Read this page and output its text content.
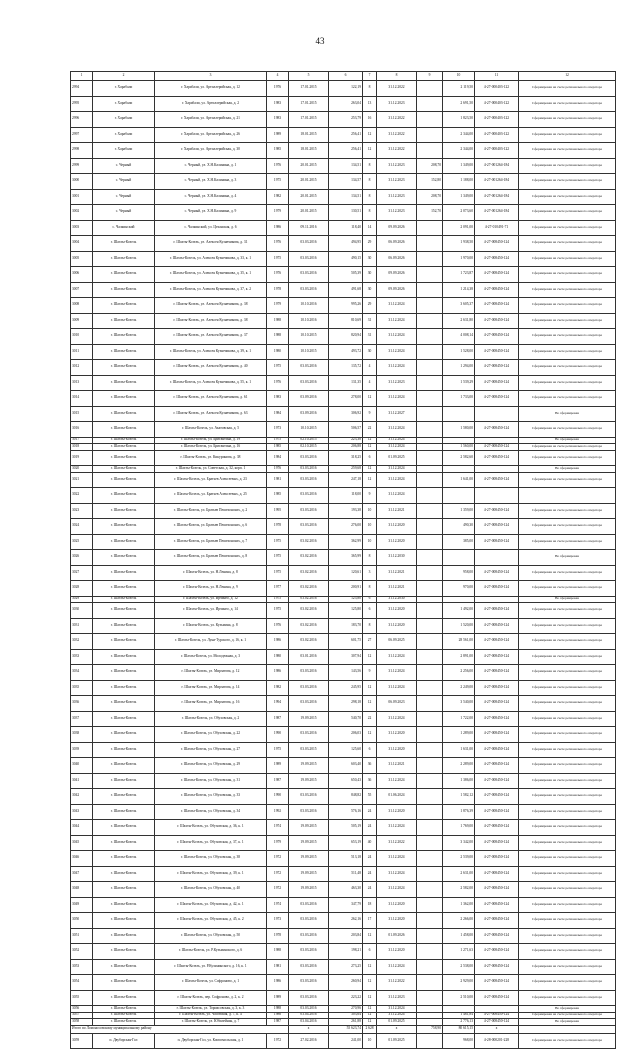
43
1	2	3	4	5	6	7	8	9	10	11	12
2994	г. Харабали	г. Харабали, ул. Артиллерийская, д. 12	1976	17.01.2015	122,19	8	31.12.2022		2 119,50	4-27-000403-122	Сформирован на счете регионального оператора
2995	г. Харабали	г. Харабали, ул. Артиллерийская, д. 2	1983	17.01.2015	263,04	13	31.12.2023		2 691,50	4-27-000403-122	Сформирован на счете регионального оператора
2996	г. Харабали	г. Харабали, ул. Артиллерийская, д. 21	1983	17.01.2015	253,79	16	31.12.2022		1 823,50	4-27-000403-122	Сформирован на счете регионального оператора
2997	г. Харабали	г. Харабали, ул. Артиллерийская, д. 26	1989	18.01.2015	256,41	12	31.12.2022		2 344,00	4-27-000403-122	Сформирован на счете регионального оператора
2998	г. Харабали	г. Харабали, ул. Артиллерийская, д. 30	1985	18.01.2015	256,41	12	31.12.2022		2 344,00	4-27-000403-122	Сформирован на счете регионального оператора
2999	с. Черный	с. Черный, ул. Х.Н.Калинина, д. 1	1976	20.01.2015	134,51	8	31.12.2023	208,70	1 349,00	4-27-001264-184	Сформирован на счете регионального оператора
3000	с. Черный	с. Черный, ул. Х.Н.Калинина, д. 3	1975	20.01.2015	134,57	8	31.12.2023	152,80	1 188,00	4-27-001264-184	Сформирован на счете регионального оператора
3001	с. Черный	с. Черный, ул. Х.Н.Калинина, д. 4	1982	20.01.2015	134,51	8	31.12.2023	208,70	1 349,00	4-27-001264-184	Сформирован на счете регионального оператора
3002	с. Черный	с. Черный, ул. Х.Н.Калинина, д. 9	1979	20.01.2015	130,51	8	31.12.2023	152,70	2 073,60	4-27-001264-184	Сформирован на счете регионального оператора
3003	с. Чалкинский	с. Чалкинский, ул. Цеханская, д. 6	1986	09.11.2016	118,40	14	09.09.2026		2 091,00	4-27-010491-71	Сформирован на счете регионального оператора
3004	г. Шахты-Козель	г. Шахты-Козель, ул. Алексея Кузнечикова, д. 31	1976	03.03.2016	494,95	29	06.09.2026		1 938,50	4-27-008450-124	Сформирован на счете регионального оператора
3005	г. Шахты-Козель	г. Шахты-Козель, ул. Алексея Кузнечикова, д. 33, к. 1	1975	03.03.2016	490,15	30	06.09.2026		1 970,00	4-27-008450-124	Сформирован на счете регионального оператора
3006	г. Шахты-Козель	г. Шахты-Козель, ул. Алексея Кузнечикова, д. 35, к. 1	1976	03.03.2016	505,39	30	09.09.2026		1 723,87	4-27-008450-124	Сформирован на счете регионального оператора
3007	г. Шахты-Козель	г. Шахты-Козель, ул. Алексея Кузнечикова, д. 37, к. 2	1978	03.03.2016	491,68	30	09.09.2026		1 214,38	4-27-008450-124	Сформирован на счете регионального оператора
3008	г. Шахты-Козель	г. Шахты-Козель, ул. Алексея Кузнечикова, д. 38	1979	10.10.2016	995,26	29	31.12.2024		3 605,37	4-27-008450-124	Сформирован на счете регионального оператора
3009	г. Шахты-Козель	г. Шахты-Козель, ул. Алексея Кузнечикова, д. 38	1988	10.10.2016	810,69	31	31.12.2024		2 631,80	4-27-008450-124	Сформирован на счете регионального оператора
3010	г. Шахты-Козель	г. Шахты-Козель, ул. Алексея Кузнечикова, д. 37	1988	10.10.2015	820,94	31	31.12.2024		4 008,14	4-27-008450-124	Сформирован на счете регионального оператора
3011	г. Шахты-Козель	г. Шахты-Козель, ул. Алексея Кузнечикова, д. 39, к. 1	1980	10.10.2015	493,72	30	31.12.2024		1 528,00	4-27-008450-124	Сформирован на счете регионального оператора
3012	г. Шахты-Козель	г. Шахты-Козель, ул. Алексея Кузнечикова, д. 40	1975	03.03.2016	135,72	4	31.12.2024		1 294,00	4-27-008450-124	Сформирован на счете регионального оператора
3013	г. Шахты-Козель	г. Шахты-Козель, ул. Алексея Кузнечикова, д. 55, к. 1	1976	03.03.2016	131,35	4	31.12.2023		1 539,29	4-27-008450-124	Сформирован на счете регионального оператора
3014	г. Шахты-Козель	г. Шахты-Козель, ул. Алексея Кузнечикова, д. 61	1983	03.09.2016	278,00	12	31.12.2024		1 733,00	4-27-008450-124	Сформирован на счете регионального оператора
3015	г. Шахты-Козель	г. Шахты-Козель, ул. Алексея Кузнечикова, д. 63	1984	03.09.2016	306,92	9	31.12.2027				Не сформирован
3016	г. Шахты-Козель	г. Шахты-Козель, ул. Акатовская, д. 5	1973	10.10.2015	506,57	22	31.12.2024		1 580,00	4-27-008450-124	Сформирован на счете регионального оператора
3017	г. Шахты-Козель	г. Шахты-Козель, ул. Бригантина, д. 19	1975	02.10.2015	223,38	12	31.12.2024				Не сформирован
3018	г. Шахты-Козель	г. Шахты-Козель, ул. Бригантина, д. 16	1985	02.10.2015	206,88	12	31.12.2024		1 560,00	4-27-008450-124	Сформирован на счете регионального оператора
3019	г. Шахты-Козель	г. Шахты-Козель, ул. Кикуринова, д. 38	1984	03.03.2016	318,25	6	01.09.2025		2 582,60	4-27-008450-124	Сформирован на счете регионального оператора
3020	г. Шахты-Козель	г. Шахты-Козель, ул. Советская, д. 32, корп. 1	1976	03.03.2016	259,68	12	31.12.2024				Не сформирован
3021	г. Шахты-Козель	г. Шахты-Козель, ул. Братьев Алексеевых, д. 23	1981	03.03.2016	247,18	12	31.12.2024		1 641,00	4-27-008450-124	Сформирован на счете регионального оператора
3022	г. Шахты-Козель	г. Шахты-Козель, ул. Братьев Алексеевых, д. 25	1985	03.03.2016	118,00	9	31.12.2024				
3023	г. Шахты-Козель	г. Шахты-Козель, ул. Братьев Пешехонских, д. 2	1995	03.03.2016	193,38	10	31.12.2021		1 359,00	4-27-008450-124	Сформирован на счете регионального оператора
3024	г. Шахты-Козель	г. Шахты-Козель, ул. Братьев Пешехонских, д. 6	1978	03.03.2016	276,00	10	31.12.2020		490,30	4-27-008450-124	Сформирован на счете регионального оператора
3025	г. Шахты-Козель	г. Шахты-Козель, ул. Братьев Пешехонских, д. 7	1975	03.02.2016	362,99	10	31.12.2020		385,00	4-27-008450-124	Сформирован на счете регионального оператора
3026	г. Шахты-Козель	г. Шахты-Козель, ул. Братьев Пешехонских, д. 8	1975	03.02.2016	365,99	8	31.12.2030				Не сформирован
3027	г. Шахты-Козель	г. Шахты-Козель, ул. Н.Ленина, д. 8	1975	03.02.2016	120,61	3	31.12.2021		958,00	4-27-008450-124	Сформирован на счете регионального оператора
3028	г. Шахты-Козель	г. Шахты-Козель, ул. Н.Ленина, д. 9	1977	03.02.2016	200,91	8	31.12.2021		970,00	4-27-008450-124	Сформирован на счете регионального оператора
3029	г. Шахты-Козель	г. Шахты-Козель, ул. Ирчинго, д. 12	1975	03.02.2016	125,80	6	31.12.2030				Не сформирован
3030	г. Шахты-Козель	г. Шахты-Козель, ул. Ирчинго, д. 14	1975	03.02.2016	125,80	6	31.12.2020		1 492,00	4-27-008450-124	Сформирован на счете регионального оператора
3031	г. Шахты-Козель	г. Шахты-Козель, ул. Кузьмина, д. 8	1976	03.02.2016	183,70	8	31.12.2020		1 520,00	4-27-008450-124	Сформирован на счете регионального оператора
3032	г. Шахты-Козель	г. Шахты-Козель, ул. Луна-Турского, д. 16, к. 1	1986	03.02.2016	601,75	27	06.09.2025		28 561,00	4-27-008450-124	Сформирован на счете регионального оператора
3033	г. Шахты-Козель	г. Шахты-Козель, ул. Молодежная, д. 3	1980	03.01.2016	307,94	12	31.12.2024		2 891,00	4-27-008450-124	Сформирован на счете регионального оператора
3034	г. Шахты-Козель	г. Шахты-Козель, ул. Мирзатова, д. 12	1986	03.03.2016	143,56	9	31.12.2024		2 256,00	4-27-008450-124	Сформирован на счете регионального оператора
3035	г. Шахты-Козель	г. Шахты-Козель, ул. Мирзатова, д. 14	1982	03.03.2016	245,95	12	31.12.2024		2 249,00	4-27-008450-124	Сформирован на счете регионального оператора
3036	г. Шахты-Козель	г. Шахты-Козель, ул. Мирзатова, д. 16	1994	03.03.2016	298,18	12	06.09.2023		3 540,00	4-27-008450-124	Сформирован на счете регионального оператора
3037	г. Шахты-Козель	г. Шахты-Козель, ул. Обуховская, д. 2	1987	19.09.2015	540,70	22	31.12.2024		1 722,00	4-27-008450-124	Сформирован на счете регионального оператора
3038	г. Шахты-Козель	г. Шахты-Козель, ул. Обуховская, д. 22	1990	03.03.2016	206,03	12	31.12.2020		1 289,00	4-27-008450-124	Сформирован на счете регионального оператора
3039	г. Шахты-Козель	г. Шахты-Козель, ул. Обуховская, д. 27	1975	03.03.2015	125,60	6	31.12.2020		1 631,00	4-27-008450-124	Сформирован на счете регионального оператора
3040	г. Шахты-Козель	г. Шахты-Козель, ул. Обуховская, д. 29	1989	19.09.2015	603,40	36	31.12.2021		2 289,00	4-27-008450-124	Сформирован на счете регионального оператора
3041	г. Шахты-Козель	г. Шахты-Козель, ул. Обуховская, д. 31	1987	19.09.2015	650,43	36	31.12.2024		1 386,00	4-27-008450-124	Сформирован на счете регионального оператора
3042	г. Шахты-Козель	г. Шахты-Козель, ул. Обуховская, д. 33	1990	03.03.2016	848,82	55	01.06.2024		1 582,12	4-27-008450-124	Сформирован на счете регионального оператора
3043	г. Шахты-Козель	г. Шахты-Козель, ул. Обуховская, д. 34	1992	03.03.2016	576,16	24	31.12.2020		1 876,39	4-27-008450-124	Сформирован на счете регионального оператора
3044	г. Шахты-Козель	г. Шахты-Козель, ул. Обуховская, д. 36, к. 1	1974	19.09.2015	505,19	24	31.12.2024		1 769,00	4-27-008450-124	Сформирован на счете регионального оператора
3045	г. Шахты-Козель	г. Шахты-Козель, ул. Обуховская, д. 37, к. 1	1979	19.09.2015	653,19	40	31.12.2022		3 342,00	4-27-008450-124	Сформирован на счете регионального оператора
3046	г. Шахты-Козель	г. Шахты-Козель, ул. Обуховская, д. 38	1972	19.09.2015	513,18	24	31.12.2024		2 539,00	4-27-008450-124	Сформирован на счете регионального оператора
3047	г. Шахты-Козель	г. Шахты-Козель, ул. Обуховская, д. 39, к. 1	1972	19.09.2015	511,48	24	31.12.2024		2 631,00	4-27-008450-124	Сформирован на счете регионального оператора
3048	г. Шахты-Козель	г. Шахты-Козель, ул. Обуховская, д. 40	1972	19.09.2015	463,30	24	31.12.2024		2 582,00	4-27-008450-124	Сформирован на счете регионального оператора
3049	г. Шахты-Козель	г. Шахты-Козель, ул. Обуховская, д. 42, к. 1	1974	03.03.2016	347,79	18	31.12.2020		1 362,00	4-27-008450-124	Сформирован на счете регионального оператора
3050	г. Шахты-Козель	г. Шахты-Козель, ул. Обуховская, д. 45, к. 2	1973	03.03.2016	262,16	17	31.12.2020		2 266,00	4-27-008450-124	Сформирован на счете регионального оператора
3051	г. Шахты-Козель	г. Шахты-Козель, ул. Обуховская, д. 50	1978	03.03.2016	203,84	12	01.09.2026		1 458,00	4-27-008450-124	Сформирован на счете регионального оператора
3052	г. Шахты-Козель	г. Шахты-Козель, ул. Р.Кузьминского, д. 6	1988	03.03.2016	198,21	6	31.12.2020		1 271,63	4-27-008450-124	Сформирован на счете регионального оператора
3053	г. Шахты-Козель	г. Шахты-Козель, ул. Р.Кузьминского, д. 16, к. 1	1981	03.03.2016	273,25	12	31.12.2024		2 538,00	4-27-008450-124	Сформирован на счете регионального оператора
3054	г. Шахты-Козель	г. Шахты-Козель, ул. Софроново, д. 1	1986	03.03.2016	260,94	12	31.12.2022		2 929,00	4-27-008450-124	Сформирован на счете регионального оператора
3055	г. Шахты-Козель	г. Шахты-Козель, пер. Софроново, д. 2, к. 2	1989	03.03.2016	223,22	12	31.12.2023		2 510,00	4-27-008450-124	Сформирован на счете регионального оператора
3056	г. Шахты-Козель	г. Шахты-Козель, ул. Тормасовская, д. 3, к. 3	1988	03.03.2016	270,96	12	31.12.2024				Не сформирован
3057	г. Шахты-Козель	г. Шахты-Козель, ул. Часовская, д. 7, к. 4	1986	03.04.2016	303,64	12	31.12.2024		1 461,84	4-27-008450-124	Сформирован на счете регионального оператора
3058	г. Шахты-Козель	г. Шахты-Козель, ул. Юбилейная, д. 7	1987	03.04.2016	261,88	12	01.09.2025		2 776,13	4-27-008450-124	Не сформирован
Итого по Ломоносовскому муниципальному району				х	55 623,74	2 628	х	758,90	80 615,15	х	
3059	п. Двуборская-Гол	п. Двуборская-Гол, ул. Комсомольская, д. 1	1972	27.02.2016	241,00	10	01.09.2025		968,00	4-28-000201-228	Сформирован на счете регионального оператора
